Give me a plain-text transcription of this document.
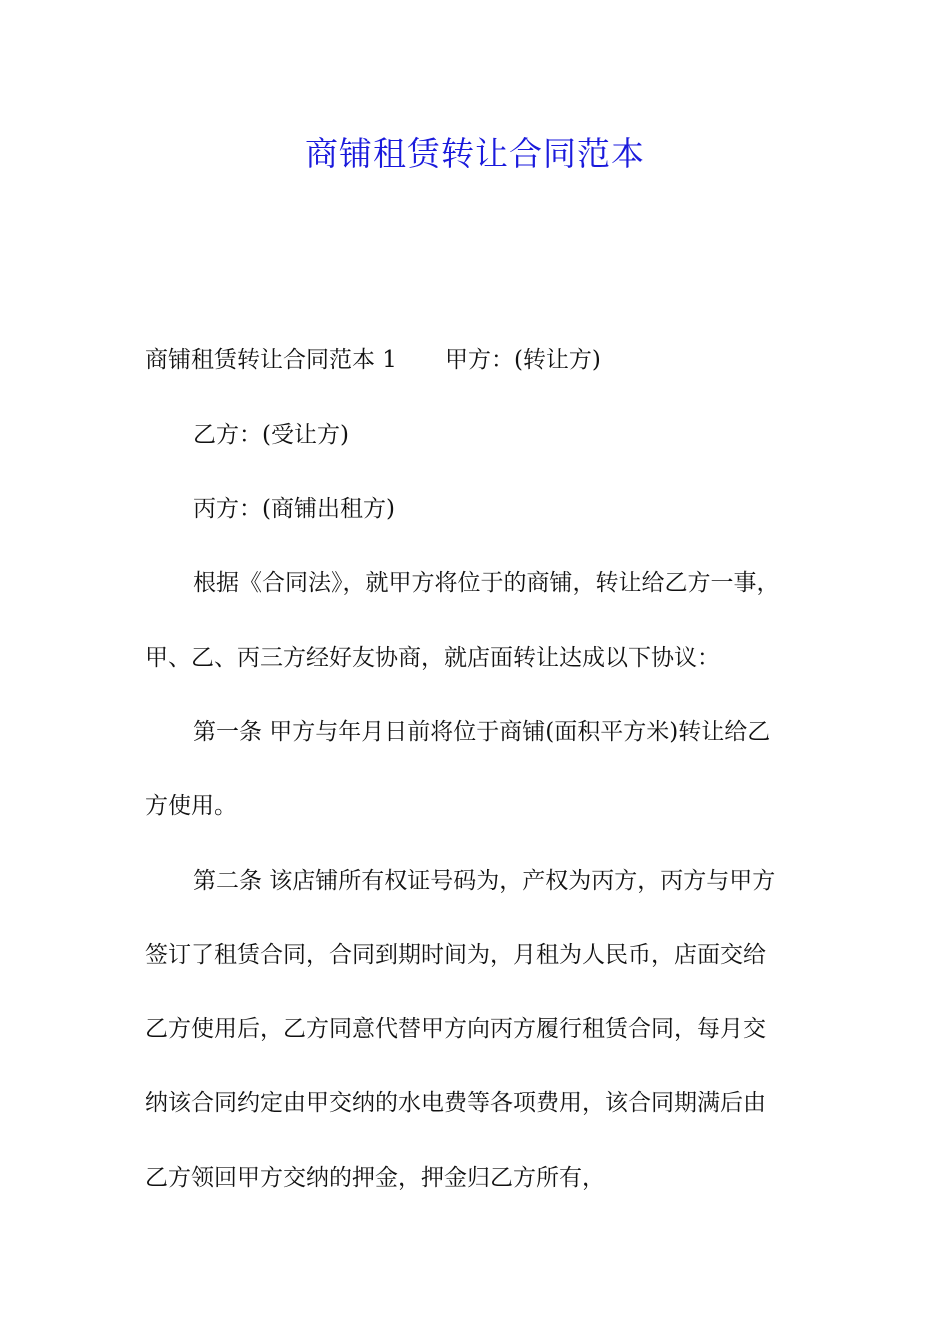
商铺租赁转让合同范本

商铺租赁转让合同范本 1 甲方：(转让方)

乙方：(受让方)

丙方：(商铺出租方)

根据《合同法》，就甲方将位于的商铺，转让给乙方一事，

甲、乙、丙三方经好友协商，就店面转让达成以下协议：

第一条 甲方与年月日前将位于商铺(面积平方米)转让给乙

方使用。

第二条 该店铺所有权证号码为，产权为丙方，丙方与甲方

签订了租赁合同，合同到期时间为，月租为人民币，店面交给

乙方使用后，乙方同意代替甲方向丙方履行租赁合同，每月交

纳该合同约定由甲交纳的水电费等各项费用，该合同期满后由

乙方领回甲方交纳的押金，押金归乙方所有，
